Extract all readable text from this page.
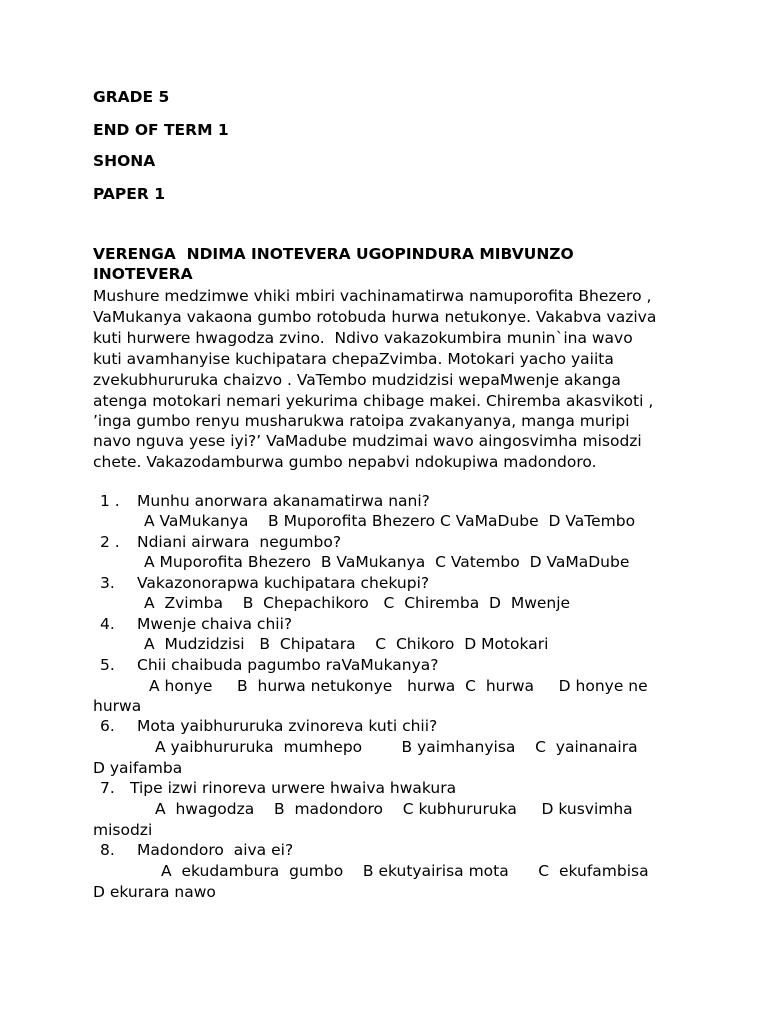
GRADE 5
END OF TERM 1
SHONA
PAPER 1
VERENGA  NDIMA INOTEVERA UGOPINDURA MIBVUNZO
INOTEVERA
Mushure medzimwe vhiki mbiri vachinamatirwa namuporofita Bhezero ,
VaMukanya vakaona gumbo rotobuda hurwa netukonye. Vakabva vaziva
kuti hurwere hwagodza zvino.  Ndivo vakazokumbira munin`ina wavo
kuti avamhanyise kuchipatara chepaZvimba. Motokari yacho yaiita
zvekubhururuka chaizvo . VaTembo mudzidzisi wepaMwenje akanga
atenga motokari nemari yekurima chibage makei. Chiremba akasvikoti ,
’inga gumbo renyu musharukwa ratoipa zvakanyanya, manga muripi
navo nguva yese iyi?’ VaMadube mudzimai wavo aingosvimha misodzi
chete. Vakazodamburwa gumbo nepabvi ndokupiwa madondoro.
1 . Munhu anorwara akanamatirwa nani?
A VaMukanya    B Muporofita Bhezero C VaMaDube  D VaTembo
2 . Ndiani airwara  negumbo?
A Muporofita Bhezero  B VaMukanya  C Vatembo  D VaMaDube
3. Vakazonorapwa kuchipatara chekupi?
A  Zvimba    B  Chepachikoro   C  Chiremba  D  Mwenje
4. Mwenje chaiva chii?
A  Mudzidzisi   B  Chipatara    C  Chikoro  D Motokari
5. Chii chaibuda pagumbo raVaMukanya?
A honye     B  hurwa netukonye   hurwa  C  hurwa     D honye ne
hurwa
6. Mota yaibhururuka zvinoreva kuti chii?
A yaibhururuka  mumhepo        B yaimhanyisa    C  yainanaira
D yaifamba
7. Tipe izwi rinoreva urwere hwaiva hwakura
A  hwagodza    B  madondoro    C kubhururuka     D kusvimha
misodzi
8. Madondoro  aiva ei?
A  ekudambura  gumbo    B ekutyairisa mota      C  ekufambisa
D ekurara nawo
